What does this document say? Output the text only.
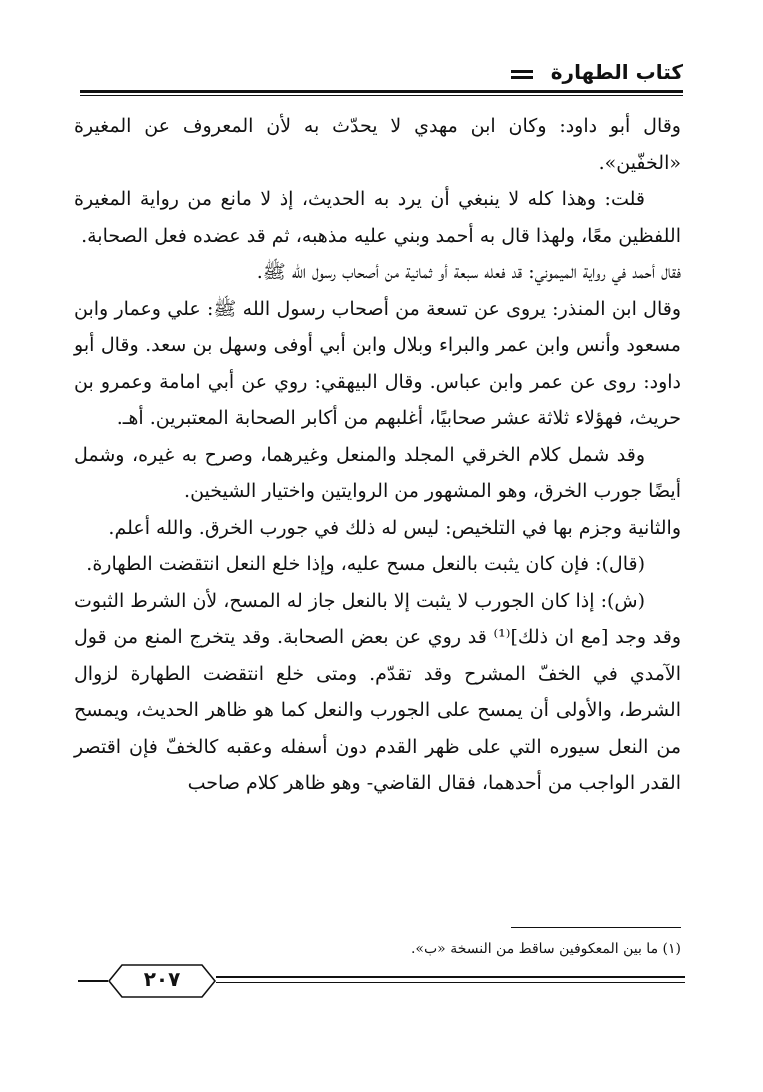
كتاب الطهارة

وقال أبو داود: وكان ابن مهدي لا يحدّث به لأن المعروف عن المغيرة «الخفّين».

قلت: وهذا كله لا ينبغي أن يرد به الحديث، إذ لا مانع من رواية المغيرة اللفظين معًا، ولهذا قال به أحمد وبني عليه مذهبه، ثم قد عضده فعل الصحابة.

فقال أحمد في رواية الميموني: قد فعله سبعة أو ثمانية من أصحاب رسول الله ﷺ.

وقال ابن المنذر: يروى عن تسعة من أصحاب رسول الله ﷺ: علي وعمار وابن مسعود وأنس وابن عمر والبراء وبلال وابن أبي أوفى وسهل بن سعد. وقال أبو داود: روى عن عمر وابن عباس. وقال البيهقي: روي عن أبي امامة وعمرو بن حريث، فهؤلاء ثلاثة عشر صحابيًا، أغلبهم من أكابر الصحابة المعتبرين. أهـ.

وقد شمل كلام الخرقي المجلد والمنعل وغيرهما، وصرح به غيره، وشمل أيضًا جورب الخرق، وهو المشهور من الروايتين واختيار الشيخين.

والثانية وجزم بها في التلخيص: ليس له ذلك في جورب الخرق. والله أعلم.

(قال): فإن كان يثبت بالنعل مسح عليه، وإذا خلع النعل انتقضت الطهارة.

(ش): إذا كان الجورب لا يثبت إلا بالنعل جاز له المسح، لأن الشرط الثبوت وقد وجد [مع ان ذلك]⁽¹⁾ قد روي عن بعض الصحابة. وقد يتخرج المنع من قول الآمدي في الخفّ المشرح وقد تقدّم. ومتى خلع انتقضت الطهارة لزوال الشرط، والأولى أن يمسح على الجورب والنعل كما هو ظاهر الحديث، ويمسح من النعل سيوره التي على ظهر القدم دون أسفله وعقبه كالخفّ فإن اقتصر القدر الواجب من أحدهما، فقال القاضي- وهو ظاهر كلام صاحب

(١) ما بين المعكوفين ساقط من النسخة «ب».
٢٠٧
